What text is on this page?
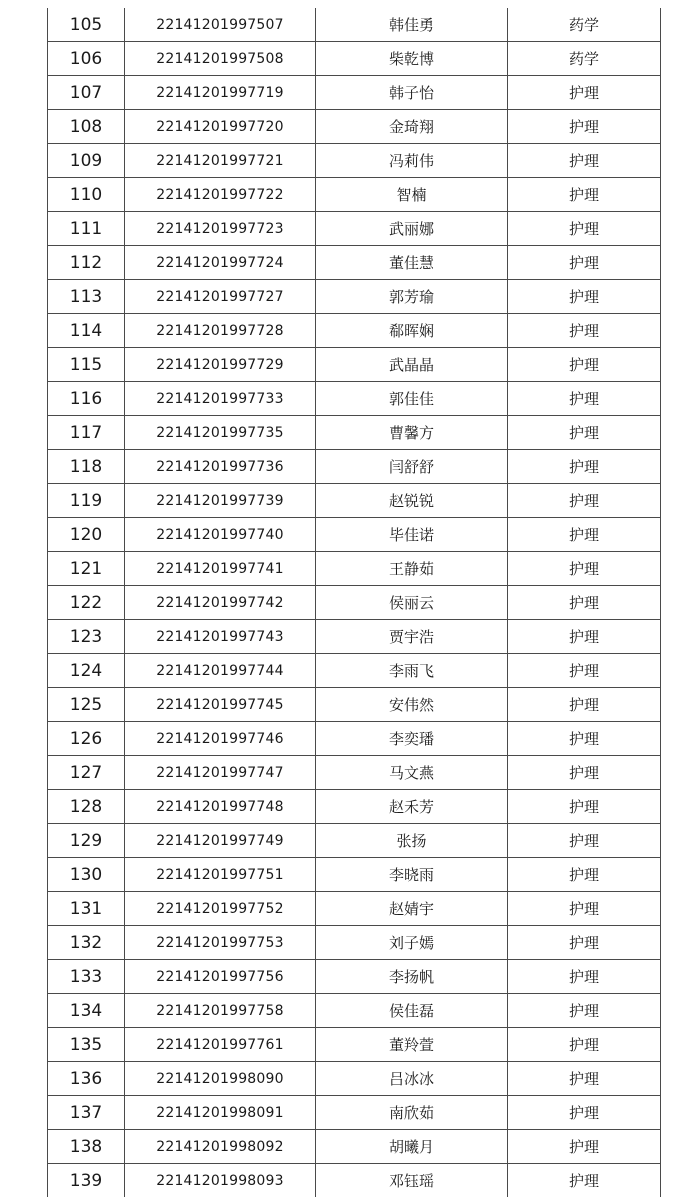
105	22141201997507	韩佳勇	药学
106	22141201997508	柴乾博	药学
107	22141201997719	韩子怡	护理
108	22141201997720	金琦翔	护理
109	22141201997721	冯莉伟	护理
110	22141201997722	智楠	护理
111	22141201997723	武丽娜	护理
112	22141201997724	董佳慧	护理
113	22141201997727	郭芳瑜	护理
114	22141201997728	郗晖娴	护理
115	22141201997729	武晶晶	护理
116	22141201997733	郭佳佳	护理
117	22141201997735	曹馨方	护理
118	22141201997736	闫舒舒	护理
119	22141201997739	赵锐锐	护理
120	22141201997740	毕佳诺	护理
121	22141201997741	王静茹	护理
122	22141201997742	侯丽云	护理
123	22141201997743	贾宇浩	护理
124	22141201997744	李雨飞	护理
125	22141201997745	安伟然	护理
126	22141201997746	李奕璠	护理
127	22141201997747	马文燕	护理
128	22141201997748	赵禾芳	护理
129	22141201997749	张扬	护理
130	22141201997751	李晓雨	护理
131	22141201997752	赵婧宇	护理
132	22141201997753	刘子嫣	护理
133	22141201997756	李扬帆	护理
134	22141201997758	侯佳磊	护理
135	22141201997761	董羚萱	护理
136	22141201998090	吕冰冰	护理
137	22141201998091	南欣茹	护理
138	22141201998092	胡曦月	护理
139	22141201998093	邓钰瑶	护理
